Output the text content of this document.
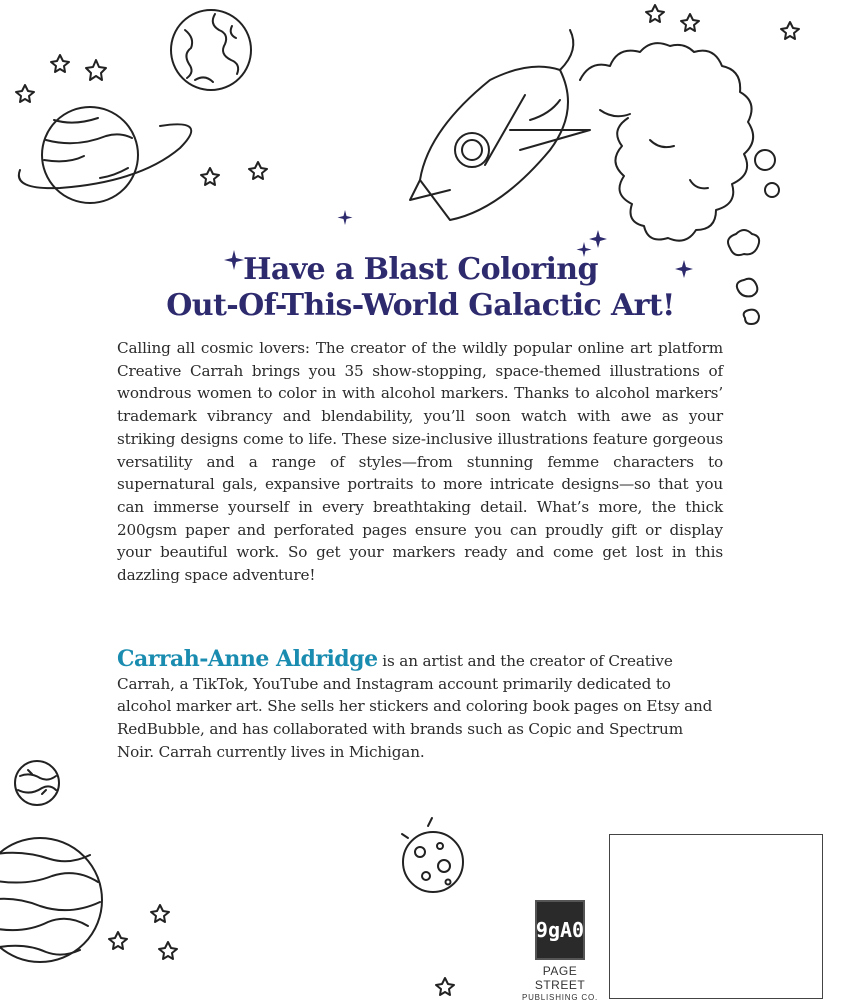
Have a Blast Coloring
Out-Of-This-World Galactic Art!

Calling all cosmic lovers: The creator of the wildly popular online art platform Creative Carrah brings you 35 show-stopping, space-themed illustrations of wondrous women to color in with alcohol markers. Thanks to alcohol markers’ trademark vibrancy and blendability, you’ll soon watch with awe as your striking designs come to life. These size-inclusive illustrations feature gorgeous versatility and a range of styles—from stunning femme characters to supernatural gals, expansive portraits to more intricate designs—so that you can immerse yourself in every breathtaking detail. What’s more, the thick 200gsm paper and perforated pages ensure you can proudly gift or display your beautiful work. So get your markers ready and come get lost in this dazzling space adventure!

Carrah-Anne Aldridge is an artist and the creator of Creative Carrah, a TikTok, YouTube and Instagram account primarily dedicated to alcohol marker art. She sells her stickers and coloring book pages on Etsy and RedBubble, and has collaborated with brands such as Copic and Spectrum Noir. Carrah currently lives in Michigan.

9gA0
PAGE STREET
PUBLISHING CO.
